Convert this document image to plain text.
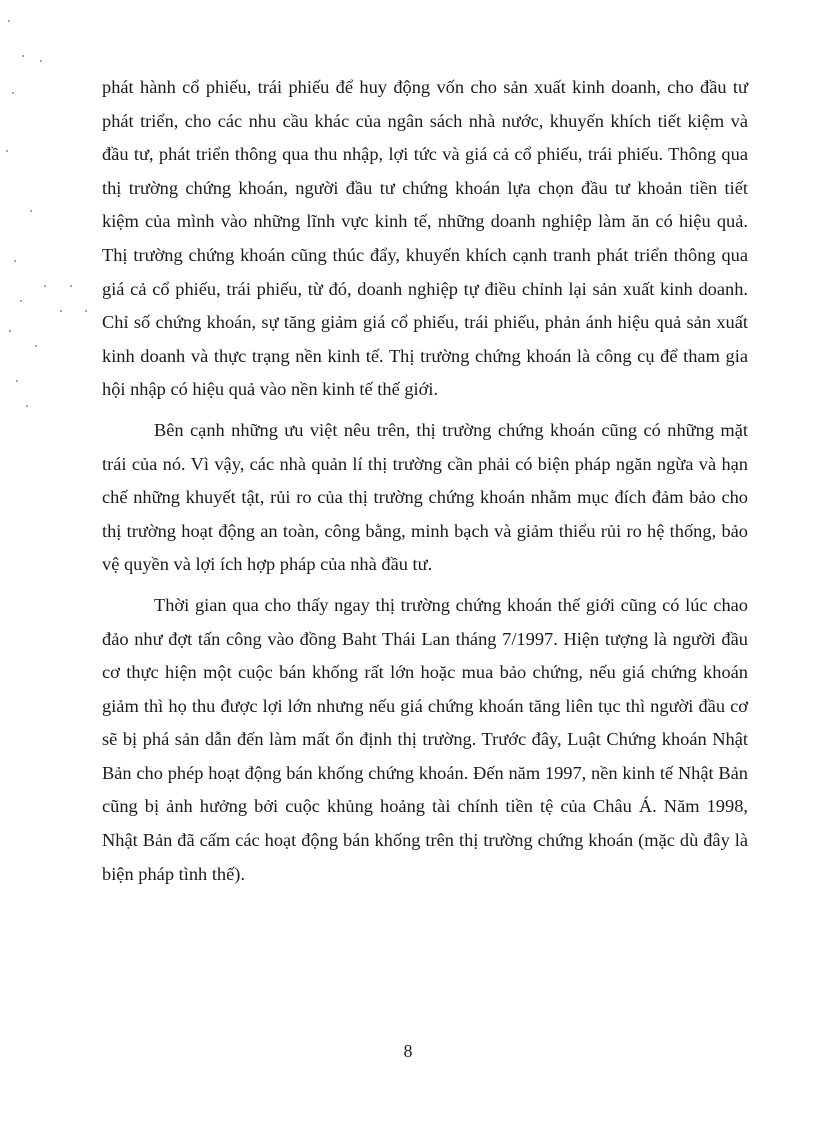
phát hành cổ phiếu, trái phiếu để huy động vốn cho sản xuất kinh doanh, cho đầu tư phát triển, cho các nhu cầu khác của ngân sách nhà nước, khuyến khích tiết kiệm và đầu tư, phát triển thông qua thu nhập, lợi tức và giá cả cổ phiếu, trái phiếu. Thông qua thị trường chứng khoán, người đầu tư chứng khoán lựa chọn đầu tư khoản tiền tiết kiệm của mình vào những lĩnh vực kinh tế, những doanh nghiệp làm ăn có hiệu quả. Thị trường chứng khoán cũng thúc đẩy, khuyến khích cạnh tranh phát triển thông qua giá cả cổ phiếu, trái phiếu, từ đó, doanh nghiệp tự điều chỉnh lại sản xuất kinh doanh. Chỉ số chứng khoán, sự tăng giảm giá cổ phiếu, trái phiếu, phản ánh hiệu quả sản xuất kinh doanh và thực trạng nền kinh tế. Thị trường chứng khoán là công cụ để tham gia hội nhập có hiệu quả vào nền kinh tế thế giới.

Bên cạnh những ưu việt nêu trên, thị trường chứng khoán cũng có những mặt trái của nó. Vì vậy, các nhà quản lí thị trường cần phải có biện pháp ngăn ngừa và hạn chế những khuyết tật, rủi ro của thị trường chứng khoán nhằm mục đích đảm bảo cho thị trường hoạt động an toàn, công bằng, minh bạch và giảm thiểu rủi ro hệ thống, bảo vệ quyền và lợi ích hợp pháp của nhà đầu tư.

Thời gian qua cho thấy ngay thị trường chứng khoán thế giới cũng có lúc chao đảo như đợt tấn công vào đồng Baht Thái Lan tháng 7/1997. Hiện tượng là người đầu cơ thực hiện một cuộc bán khống rất lớn hoặc mua bảo chứng, nếu giá chứng khoán giảm thì họ thu được lợi lớn nhưng nếu giá chứng khoán tăng liên tục thì người đầu cơ sẽ bị phá sản dẫn đến làm mất ổn định thị trường. Trước đây, Luật Chứng khoán Nhật Bản cho phép hoạt động bán khống chứng khoán. Đến năm 1997, nền kinh tế Nhật Bản cũng bị ảnh hưởng bởi cuộc khủng hoảng tài chính tiền tệ của Châu Á. Năm 1998, Nhật Bản đã cấm các hoạt động bán khống trên thị trường chứng khoán (mặc dù đây là biện pháp tình thế).

8
